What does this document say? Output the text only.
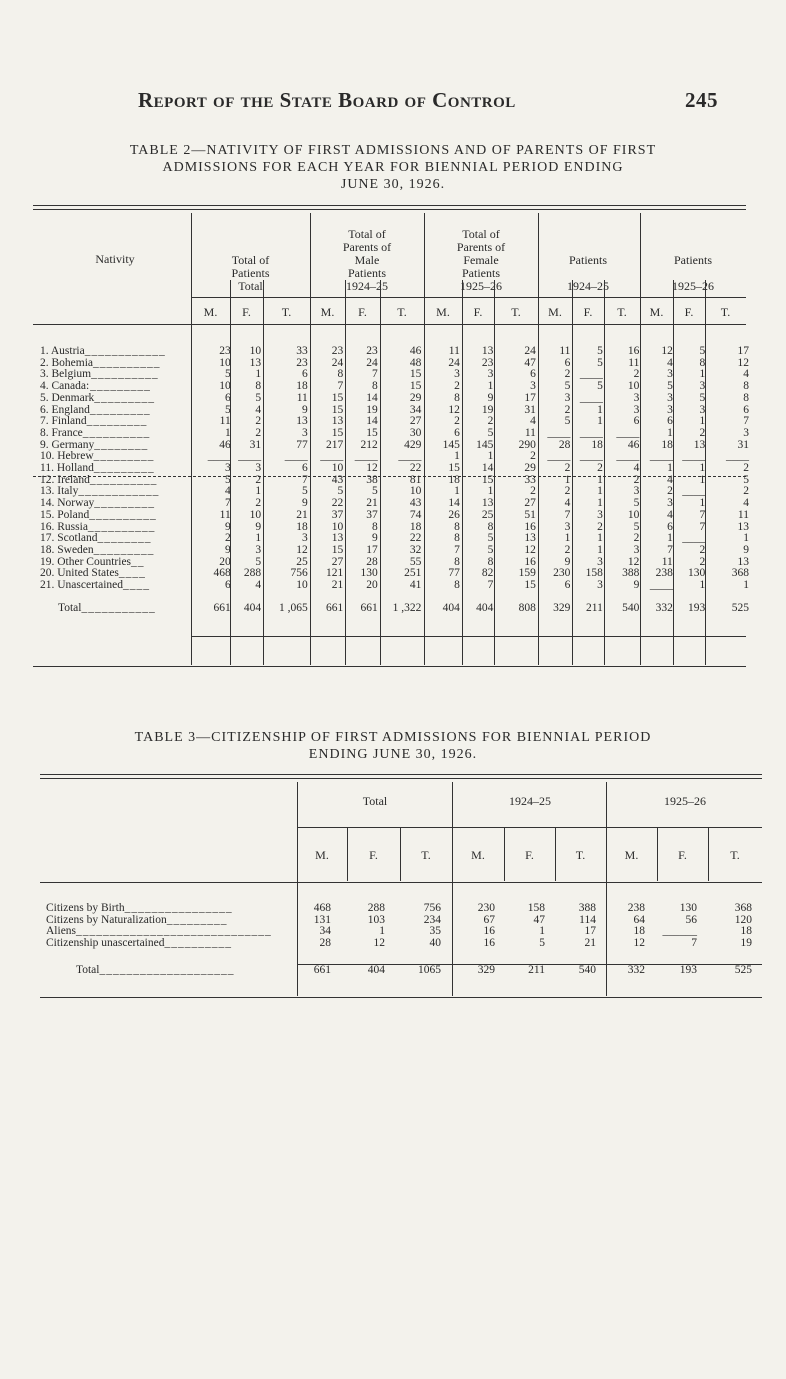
Report of the State Board of Control	245
TABLE 2—NATIVITY OF FIRST ADMISSIONS AND OF PARENTS OF FIRST
ADMISSIONS FOR EACH YEAR FOR BIENNIAL PERIOD ENDING
JUNE 30, 1926.
Nativity	Total of
Patients
Total
Total of
Parents of
Male
Patients
1924–25
Total of
Parents of
Female
Patients
1925–26
Patients
1924–25
Patients
1925–26
M.	F.	T.	M.	F.	T.	M.	F.	T.	M.	F.	T.	M.	F.	T.
1. Austria____________	23	10	33	23	23	46	11	13	24	11	5	16	12	5	17
2. Bohemia__________	10	13	23	24	24	48	24	23	47	6	5	11	4	8	12
3. Belgium__________	5	1	6	8	7	15	3	3	6	2	____	2	3	1	4
4. Canada:_________	10	8	18	7	8	15	2	1	3	5	5	10	5	3	8
5. Denmark_________	6	5	11	15	14	29	8	9	17	3	____	3	3	5	8
6. England_________	5	4	9	15	19	34	12	19	31	2	1	3	3	3	6
7. Finland_________	11	2	13	13	14	27	2	2	4	5	1	6	6	1	7
8. France__________	1	2	3	15	15	30	6	5	11	____	____	____	1	2	3
9. Germany________	46	31	77	217	212	429	145	145	290	28	18	46	18	13	31
10. Hebrew_________	____	____	____	____	____	____	1	1	2	____	____	____	____	____	____
11. Holland_________	3	3	6	10	12	22	15	14	29	2	2	4	1	1	2
12. Ireland__________	5	2	7	43	38	81	18	15	33	1	1	2	4	1	5
13. Italy____________	4	1	5	5	5	10	1	1	2	2	1	3	2	____	2
14. Norway_________	7	2	9	22	21	43	14	13	27	4	1	5	3	1	4
15. Poland__________	11	10	21	37	37	74	26	25	51	7	3	10	4	7	11
16. Russia__________	9	9	18	10	8	18	8	8	16	3	2	5	6	7	13
17. Scotland________	2	1	3	13	9	22	8	5	13	1	1	2	1	____	1
18. Sweden_________	9	3	12	15	17	32	7	5	12	2	1	3	7	2	9
19. Other Countries__	20	5	25	27	28	55	8	8	16	9	3	12	11	2	13
20. United States____	468	288	756	121	130	251	77	82	159	230	158	388	238	130	368
21. Unascertained____	6	4	10	21	20	41	8	7	15	6	3	9	____	1	1

Total___________	661	404	1 ,065	661	661	1 ,322	404	404	808	329	211	540	332	193	525
TABLE 3—CITIZENSHIP OF FIRST ADMISSIONS FOR BIENNIAL PERIOD
ENDING JUNE 30, 1926.
Total	1924–25	1925–26
M.	F.	T.	M.	F.	T.	M.	F.	T.
Citizens by Birth________________	468	288	756	230	158	388	238	130	368
Citizens by Naturalization_________	131	103	234	67	47	114	64	56	120
Aliens_____________________________	34	1	35	16	1	17	18	______	18
Citizenship unascertained__________	28	12	40	16	5	21	12	7	19

Total____________________	661	404	1065	329	211	540	332	193	525
